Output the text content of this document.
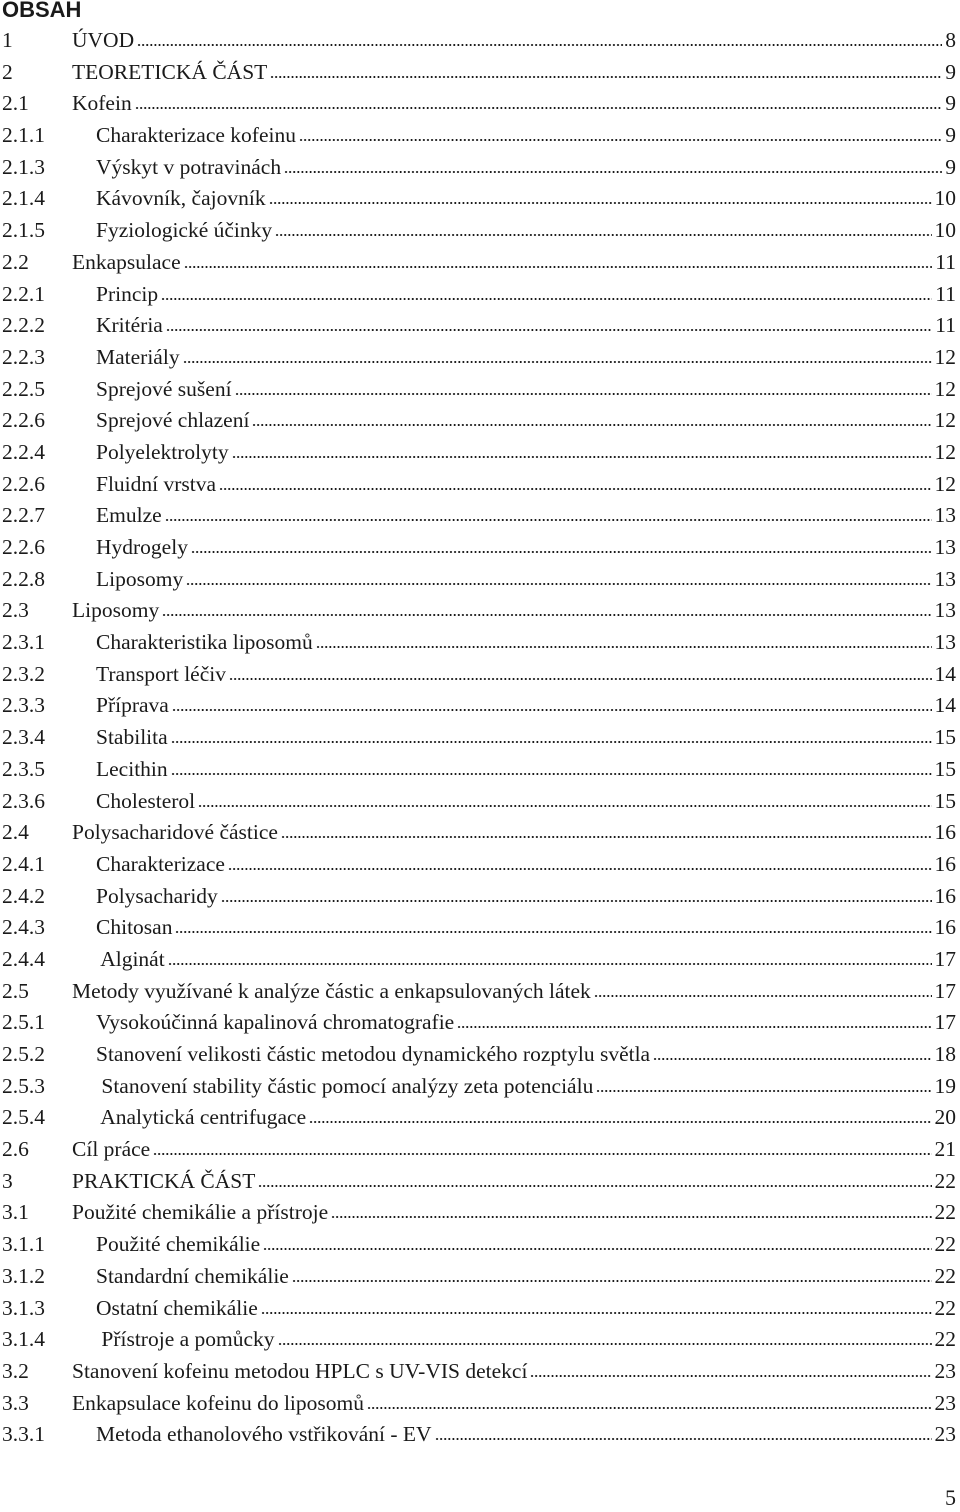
OBSAH
1	ÚVOD	8
2	TEORETICKÁ ČÁST	9
2.1	Kofein	9
2.1.1	Charakterizace kofeinu	9
2.1.3	Výskyt v potravinách	9
2.1.4	Kávovník, čajovník	10
2.1.5	Fyziologické účinky	10
2.2	Enkapsulace	11
2.2.1	Princip	11
2.2.2	Kritéria	11
2.2.3	Materiály	12
2.2.5	Sprejové sušení	12
2.2.6	Sprejové chlazení	12
2.2.4	Polyelektrolyty	12
2.2.6	Fluidní vrstva	12
2.2.7	Emulze	13
2.2.6	Hydrogely	13
2.2.8	Liposomy	13
2.3	Liposomy	13
2.3.1	Charakteristika liposomů	13
2.3.2	Transport léčiv	14
2.3.3	Příprava	14
2.3.4	Stabilita	15
2.3.5	Lecithin	15
2.3.6	Cholesterol	15
2.4	Polysacharidové částice	16
2.4.1	Charakterizace	16
2.4.2	Polysacharidy	16
2.4.3	Chitosan	16
2.4.4	Alginát	17
2.5	Metody využívané k analýze částic a enkapsulovaných látek	17
2.5.1	Vysokoúčinná kapalinová chromatografie	17
2.5.2	Stanovení velikosti částic metodou dynamického rozptylu světla	18
2.5.3	Stanovení stability částic pomocí analýzy zeta potenciálu	19
2.5.4	Analytická centrifugace	20
2.6	Cíl práce	21
3	PRAKTICKÁ ČÁST	22
3.1	Použité chemikálie a přístroje	22
3.1.1	Použité chemikálie	22
3.1.2	Standardní chemikálie	22
3.1.3	Ostatní chemikálie	22
3.1.4	Přístroje a pomůcky	22
3.2	Stanovení kofeinu metodou HPLC s UV-VIS detekcí	23
3.3	Enkapsulace kofeinu do liposomů	23
3.3.1	Metoda ethanolového vstřikování - EV	23
5
